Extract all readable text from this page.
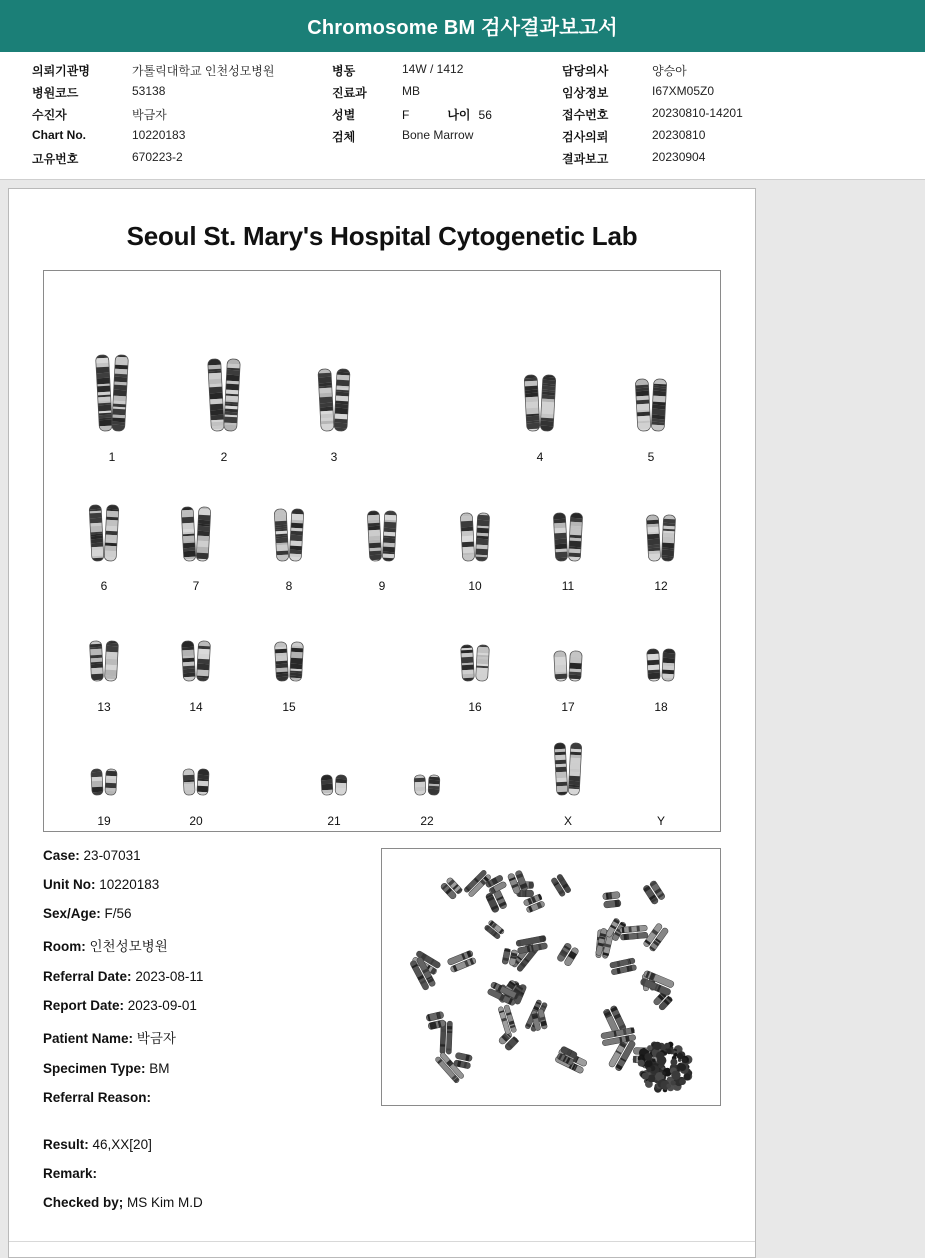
Chromosome BM 검사결과보고서
의뢰기관명	가톨릭대학교 인천성모병원	병동	14W / 1412	담당의사	양승아
병원코드	53138	진료과	MB	임상정보	I67XM05Z0
수진자	박금자	성별	F	나이 56	접수번호	20230810-14201
Chart No.	10220183	검체	Bone Marrow	검사의뢰	20230810
고유번호	670223-2	결과보고	20230904
Seoul St. Mary's Hospital Cytogenetic Lab
1	2	3	4	5
6	7	8	9	10	11	12
13	14	15	16	17	18
19	20	21	22	X	Y
Case: 23-07031
Unit No: 10220183
Sex/Age: F/56
Room: 인천성모병원
Referral Date: 2023-08-11
Report Date: 2023-09-01
Patient Name: 박금자
Specimen Type: BM
Referral Reason:
Result: 46,XX[20]
Remark:
Checked by; MS Kim M.D
